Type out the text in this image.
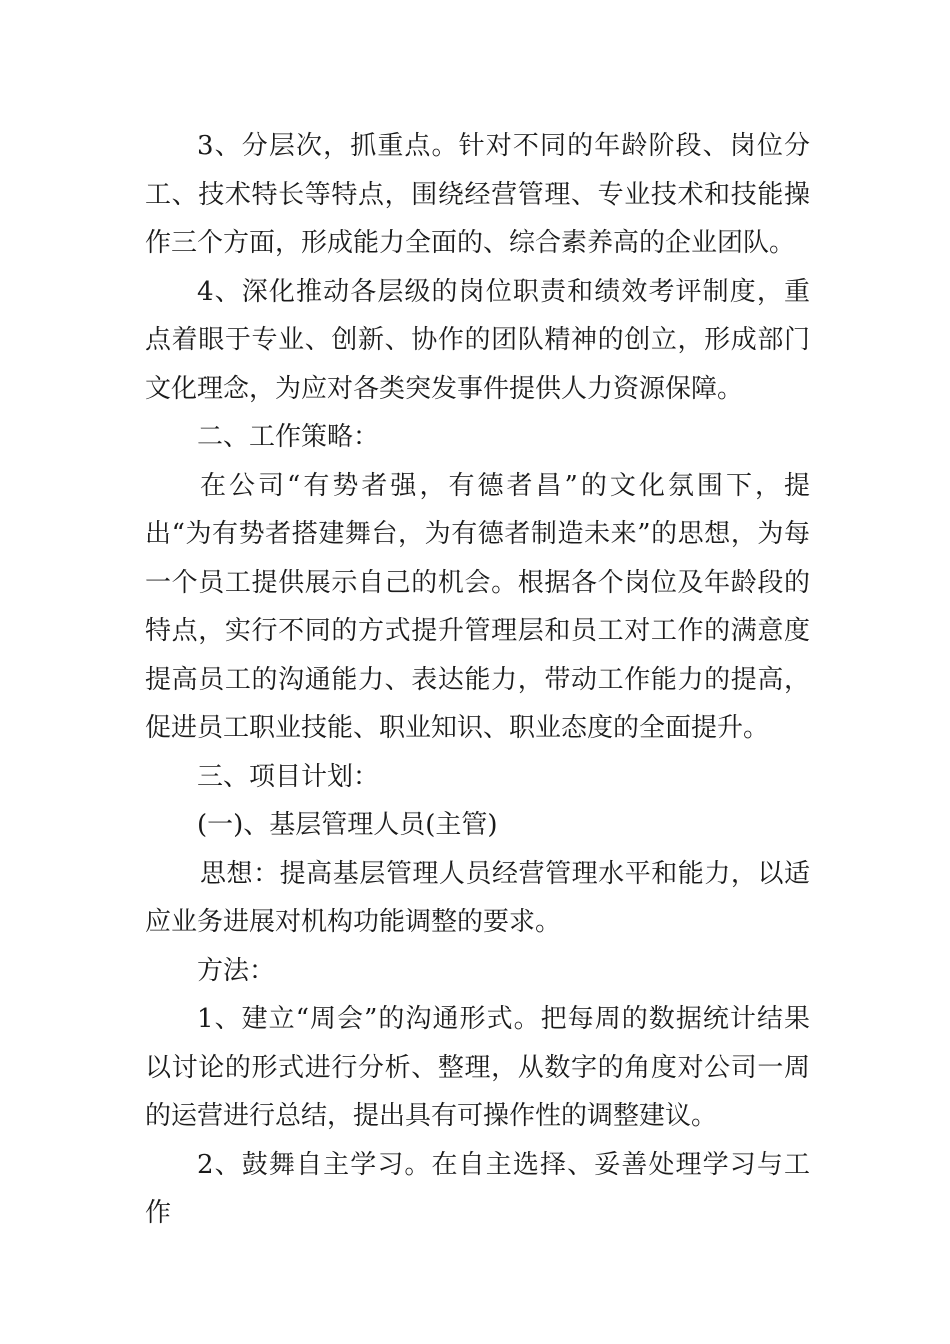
3、分层次，抓重点。针对不同的年龄阶段、岗位分工、技术特长等特点，围绕经营管理、专业技术和技能操作三个方面，形成能力全面的、综合素养高的企业团队。

4、深化推动各层级的岗位职责和绩效考评制度，重点着眼于专业、创新、协作的团队精神的创立，形成部门文化理念，为应对各类突发事件提供人力资源保障。

二、工作策略：

在公司“有势者强，有德者昌”的文化氛围下，提出“为有势者搭建舞台，为有德者制造未来”的思想，为每一个员工提供展示自己的机会。根据各个岗位及年龄段的特点，实行不同的方式提升管理层和员工对工作的满意度提高员工的沟通能力、表达能力，带动工作能力的提高，促进员工职业技能、职业知识、职业态度的全面提升。

三、项目计划：

(一)、基层管理人员(主管)

思想：提高基层管理人员经营管理水平和能力，以适应业务进展对机构功能调整的要求。

方法：

1、建立“周会”的沟通形式。把每周的数据统计结果以讨论的形式进行分析、整理，从数字的角度对公司一周的运营进行总结，提出具有可操作性的调整建议。

2、鼓舞自主学习。在自主选择、妥善处理学习与工作
